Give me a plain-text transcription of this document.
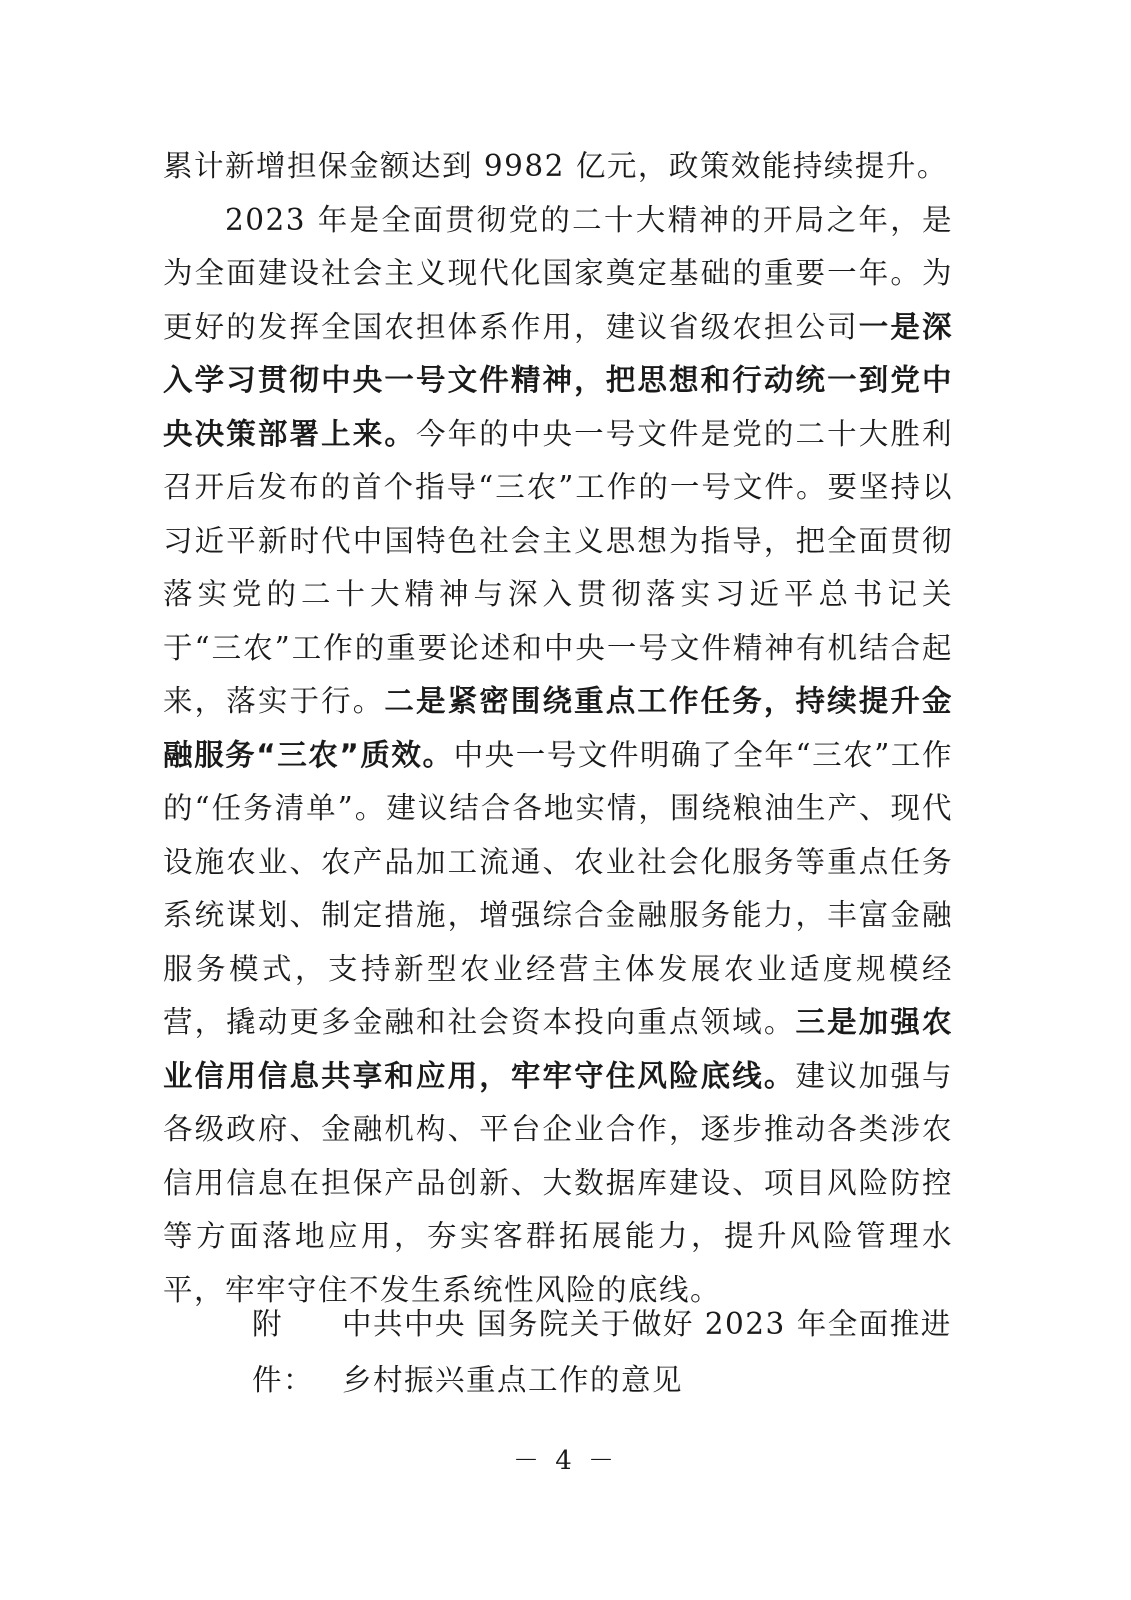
累计新增担保金额达到 9982 亿元，政策效能持续提升。

2023 年是全面贯彻党的二十大精神的开局之年，是为全面建设社会主义现代化国家奠定基础的重要一年。为更好的发挥全国农担体系作用，建议省级农担公司一是深入学习贯彻中央一号文件精神，把思想和行动统一到党中央决策部署上来。今年的中央一号文件是党的二十大胜利召开后发布的首个指导“三农”工作的一号文件。要坚持以习近平新时代中国特色社会主义思想为指导，把全面贯彻落实党的二十大精神与深入贯彻落实习近平总书记关于“三农”工作的重要论述和中央一号文件精神有机结合起来，落实于行。二是紧密围绕重点工作任务，持续提升金融服务“三农”质效。中央一号文件明确了全年“三农”工作的“任务清单”。建议结合各地实情，围绕粮油生产、现代设施农业、农产品加工流通、农业社会化服务等重点任务系统谋划、制定措施，增强综合金融服务能力，丰富金融服务模式，支持新型农业经营主体发展农业适度规模经营，撬动更多金融和社会资本投向重点领域。三是加强农业信用信息共享和应用，牢牢守住风险底线。建议加强与各级政府、金融机构、平台企业合作，逐步推动各类涉农信用信息在担保产品创新、大数据库建设、项目风险防控等方面落地应用，夯实客群拓展能力，提升风险管理水平，牢牢守住不发生系统性风险的底线。

附件：
中共中央 国务院关于做好 2023 年全面推进乡村振兴重点工作的意见
－ 4 －
